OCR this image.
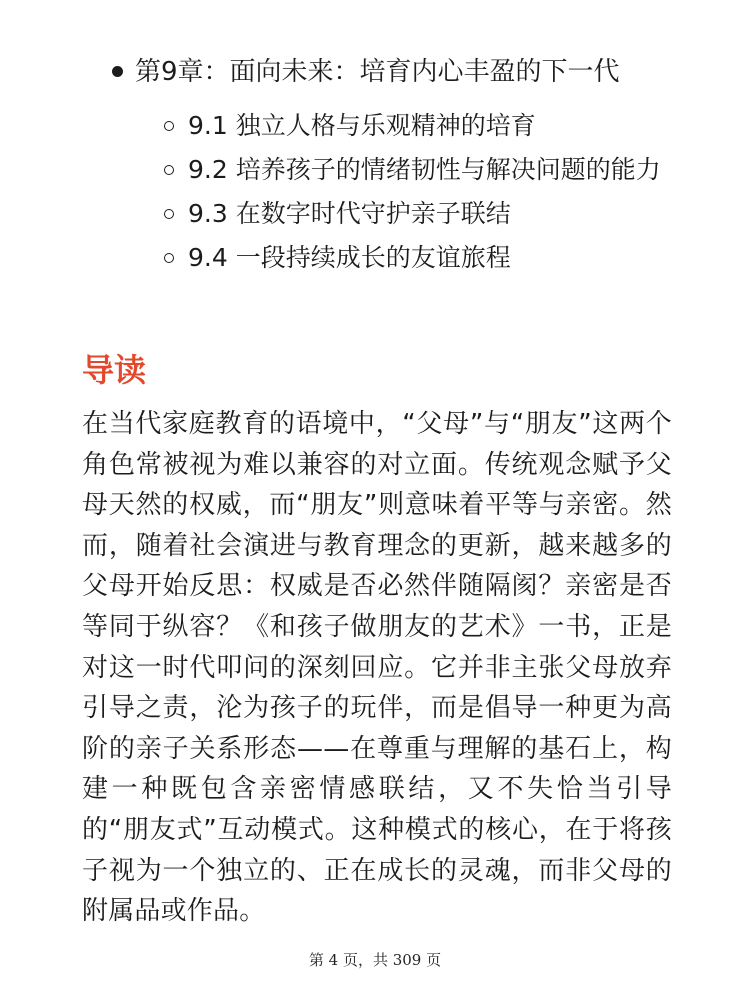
第9章：面向未来：培育内心丰盈的下一代
9.1 独立人格与乐观精神的培育
9.2 培养孩子的情绪韧性与解决问题的能力
9.3 在数字时代守护亲子联结
9.4 一段持续成长的友谊旅程
导读

在当代家庭教育的语境中，“父母”与“朋友”这两个角色常被视为难以兼容的对立面。传统观念赋予父母天然的权威，而“朋友”则意味着平等与亲密。然而，随着社会演进与教育理念的更新，越来越多的父母开始反思：权威是否必然伴随隔阂？亲密是否等同于纵容？《和孩子做朋友的艺术》一书，正是对这一时代叩问的深刻回应。它并非主张父母放弃引导之责，沦为孩子的玩伴，而是倡导一种更为高阶的亲子关系形态——在尊重与理解的基石上，构建一种既包含亲密情感联结，又不失恰当引导的“朋友式”互动模式。这种模式的核心，在于将孩子视为一个独立的、正在成长的灵魂，而非父母的附属品或作品。

第 4 页，共 309 页
